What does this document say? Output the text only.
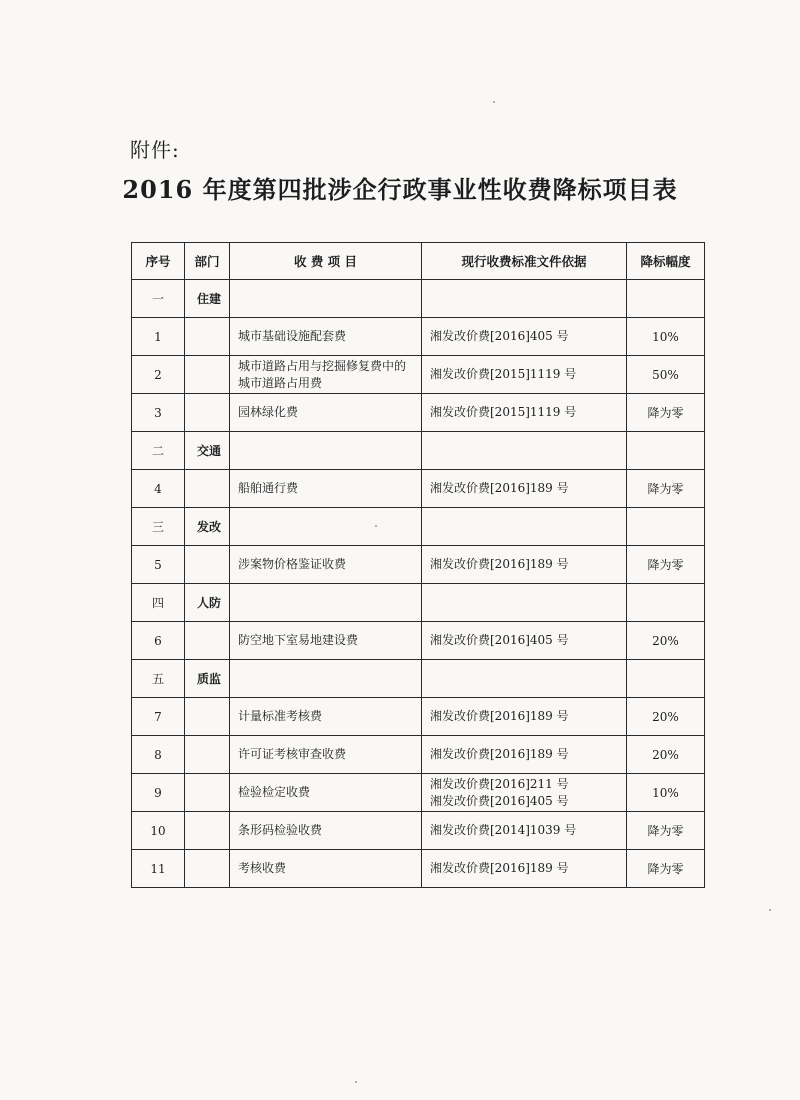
附件:
2016 年度第四批涉企行政事业性收费降标项目表
序号	部门	收 费 项 目	现行收费标准文件依据	降标幅度
一	住建			
1		城市基础设施配套费	湘发改价费[2016]405 号	10%
2		城市道路占用与挖掘修复费中的城市道路占用费	湘发改价费[2015]1119 号	50%
3		园林绿化费	湘发改价费[2015]1119 号	降为零
二	交通			
4		船舶通行费	湘发改价费[2016]189 号	降为零
三	发改			
5		涉案物价格鉴证收费	湘发改价费[2016]189 号	降为零
四	人防			
6		防空地下室易地建设费	湘发改价费[2016]405 号	20%
五	质监			
7		计量标准考核费	湘发改价费[2016]189 号	20%
8		许可证考核审查收费	湘发改价费[2016]189 号	20%
9		检验检定收费	湘发改价费[2016]211 号
湘发改价费[2016]405 号	10%
10		条形码检验收费	湘发改价费[2014]1039 号	降为零
11		考核收费	湘发改价费[2016]189 号	降为零
